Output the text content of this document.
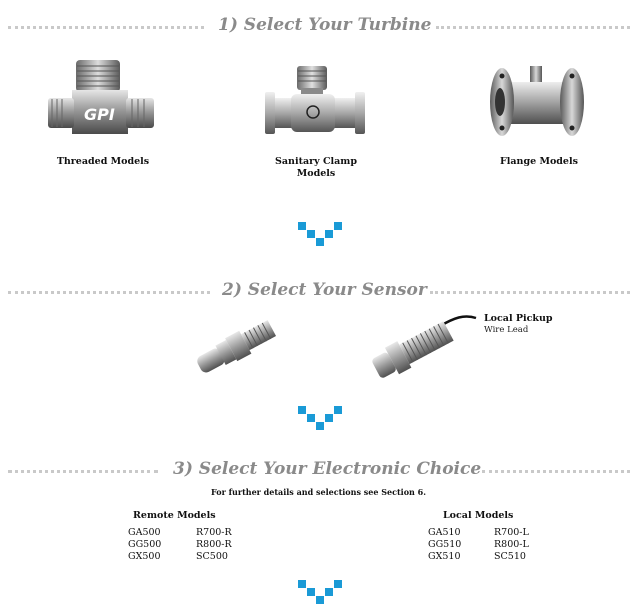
1) Select Your Turbine
GPI
Threaded Models	Sanitary Clamp
Models
Flange Models
2) Select Your Sensor
Local Pickup
Wire Lead
3) Select Your Electronic Choice
For further details and selections see Section 6.
Remote Models
GA500
GG500
GX500
R700-R
R800-R
SC500
Local Models
GA510
GG510
GX510
R700-L
R800-L
SC510
